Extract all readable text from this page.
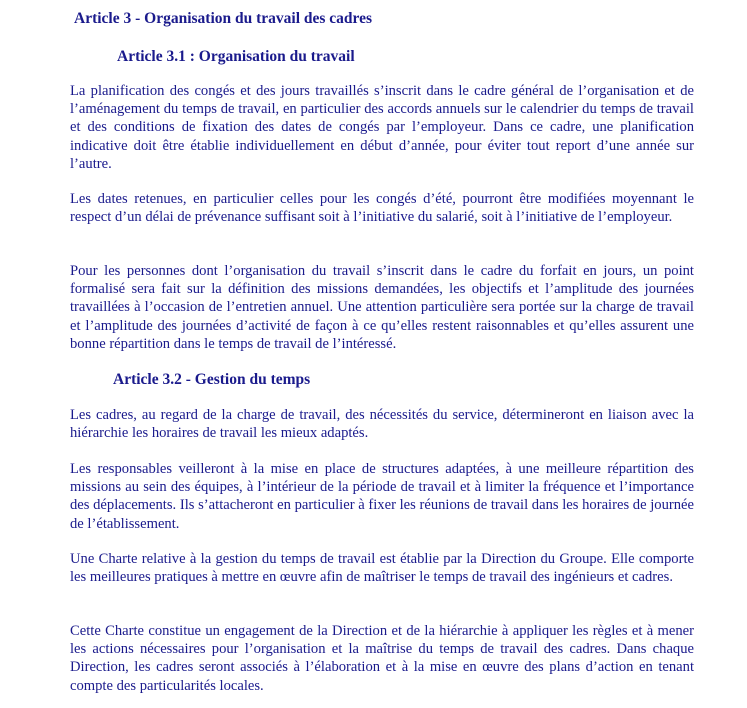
Article 3 - Organisation du travail des cadres
Article 3.1 : Organisation du travail
La planification des congés et des jours travaillés s’inscrit dans le cadre général de l’organisation et de l’aménagement du temps de travail, en particulier des accords annuels sur le calendrier du temps de travail et des conditions de fixation des dates de congés par l’employeur. Dans ce cadre, une planification indicative doit être établie individuellement en début d’année, pour éviter tout report d’une année sur l’autre.
Les dates retenues, en particulier celles pour les congés d’été, pourront être modifiées moyennant le respect d’un délai de prévenance suffisant soit à l’initiative du salarié, soit à l’initiative de l’employeur.
Pour les personnes dont l’organisation du travail s’inscrit dans le cadre du forfait en jours, un point formalisé sera fait sur la définition des missions demandées, les objectifs et l’amplitude des journées travaillées à l’occasion de l’entretien annuel. Une attention particulière sera portée sur la charge de travail et l’amplitude des journées d’activité de façon à ce qu’elles restent raisonnables et qu’elles assurent une bonne répartition dans le temps de travail de l’intéressé.
Article 3.2 - Gestion du temps
Les cadres, au regard de la charge de travail, des nécessités du service, détermineront en liaison avec la hiérarchie les horaires de travail les mieux adaptés.
Les responsables veilleront à la mise en place de structures adaptées, à une meilleure répartition des missions au sein des équipes, à l’intérieur de la période de travail et à limiter la fréquence et l’importance des déplacements. Ils s’attacheront en particulier à fixer les réunions de travail dans les horaires de journée de l’établissement.
Une Charte relative à la gestion du temps de travail est établie par la Direction du Groupe. Elle comporte les meilleures pratiques à mettre en œuvre afin de maîtriser le temps de travail des ingénieurs et cadres.
Cette Charte constitue un engagement de la Direction et de la hiérarchie à appliquer les règles et à mener les actions nécessaires pour l’organisation et la maîtrise du temps de travail des cadres. Dans chaque Direction, les cadres seront associés à l’élaboration et à la mise en œuvre des plans d’action en tenant compte des particularités locales.
